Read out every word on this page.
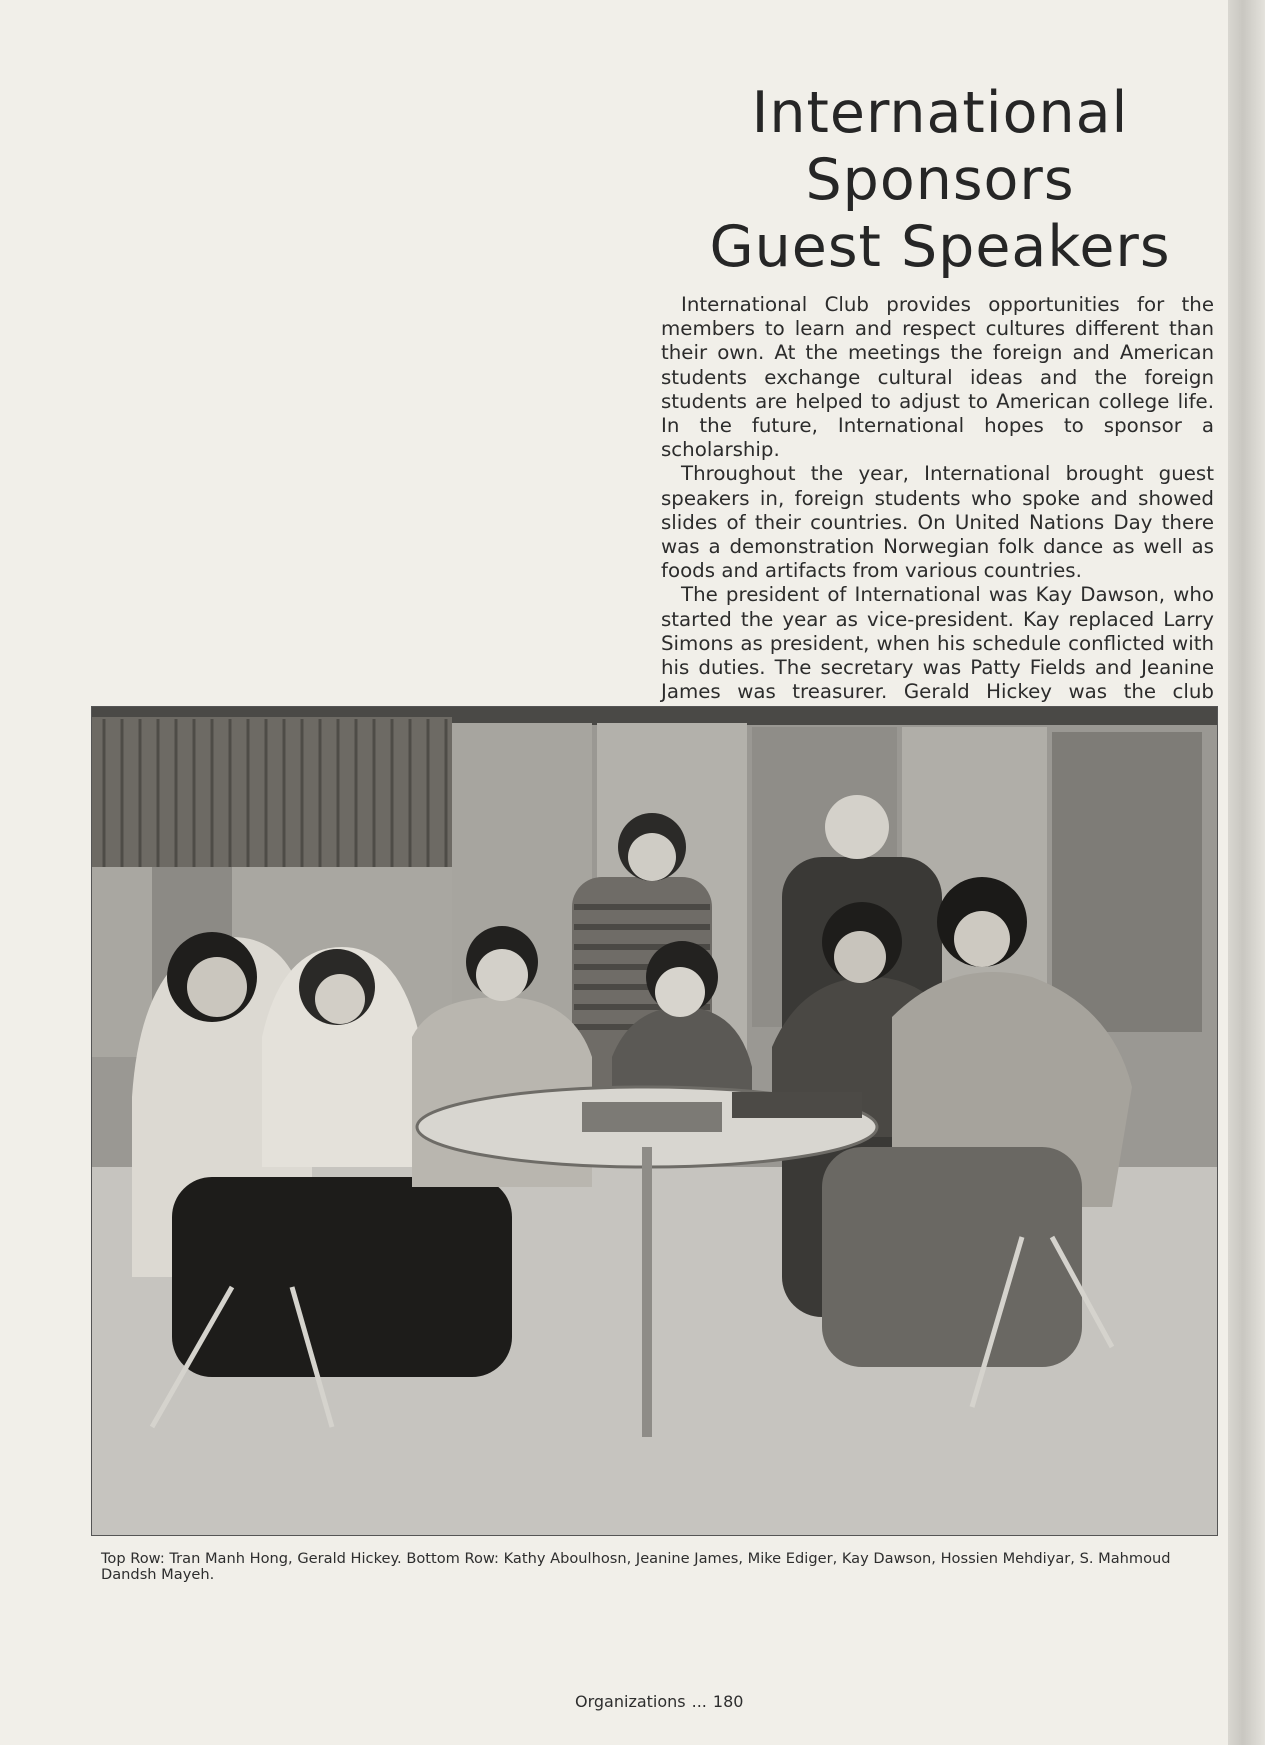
International
Sponsors
Guest Speakers

International Club provides opportunities for the members to learn and respect cultures different than their own. At the meetings the foreign and American students exchange cultural ideas and the foreign students are helped to adjust to American college life. In the future, International hopes to sponsor a scholarship.

Throughout the year, International brought guest speakers in, foreign students who spoke and showed slides of their countries. On United Nations Day there was a demonstration Norwegian folk dance as well as foods and artifacts from various countries.

The president of International was Kay Dawson, who started the year as vice-president. Kay replaced Larry Simons as president, when his schedule conflicted with his duties. The secretary was Patty Fields and Jeanine James was treasurer. Gerald Hickey was the club

Top Row: Tran Manh Hong, Gerald Hickey. Bottom Row: Kathy Aboulhosn, Jeanine James, Mike Ediger, Kay Dawson, Hossien Mehdiyar, S. Mahmoud Dandsh Mayeh.
Organizations ... 180
